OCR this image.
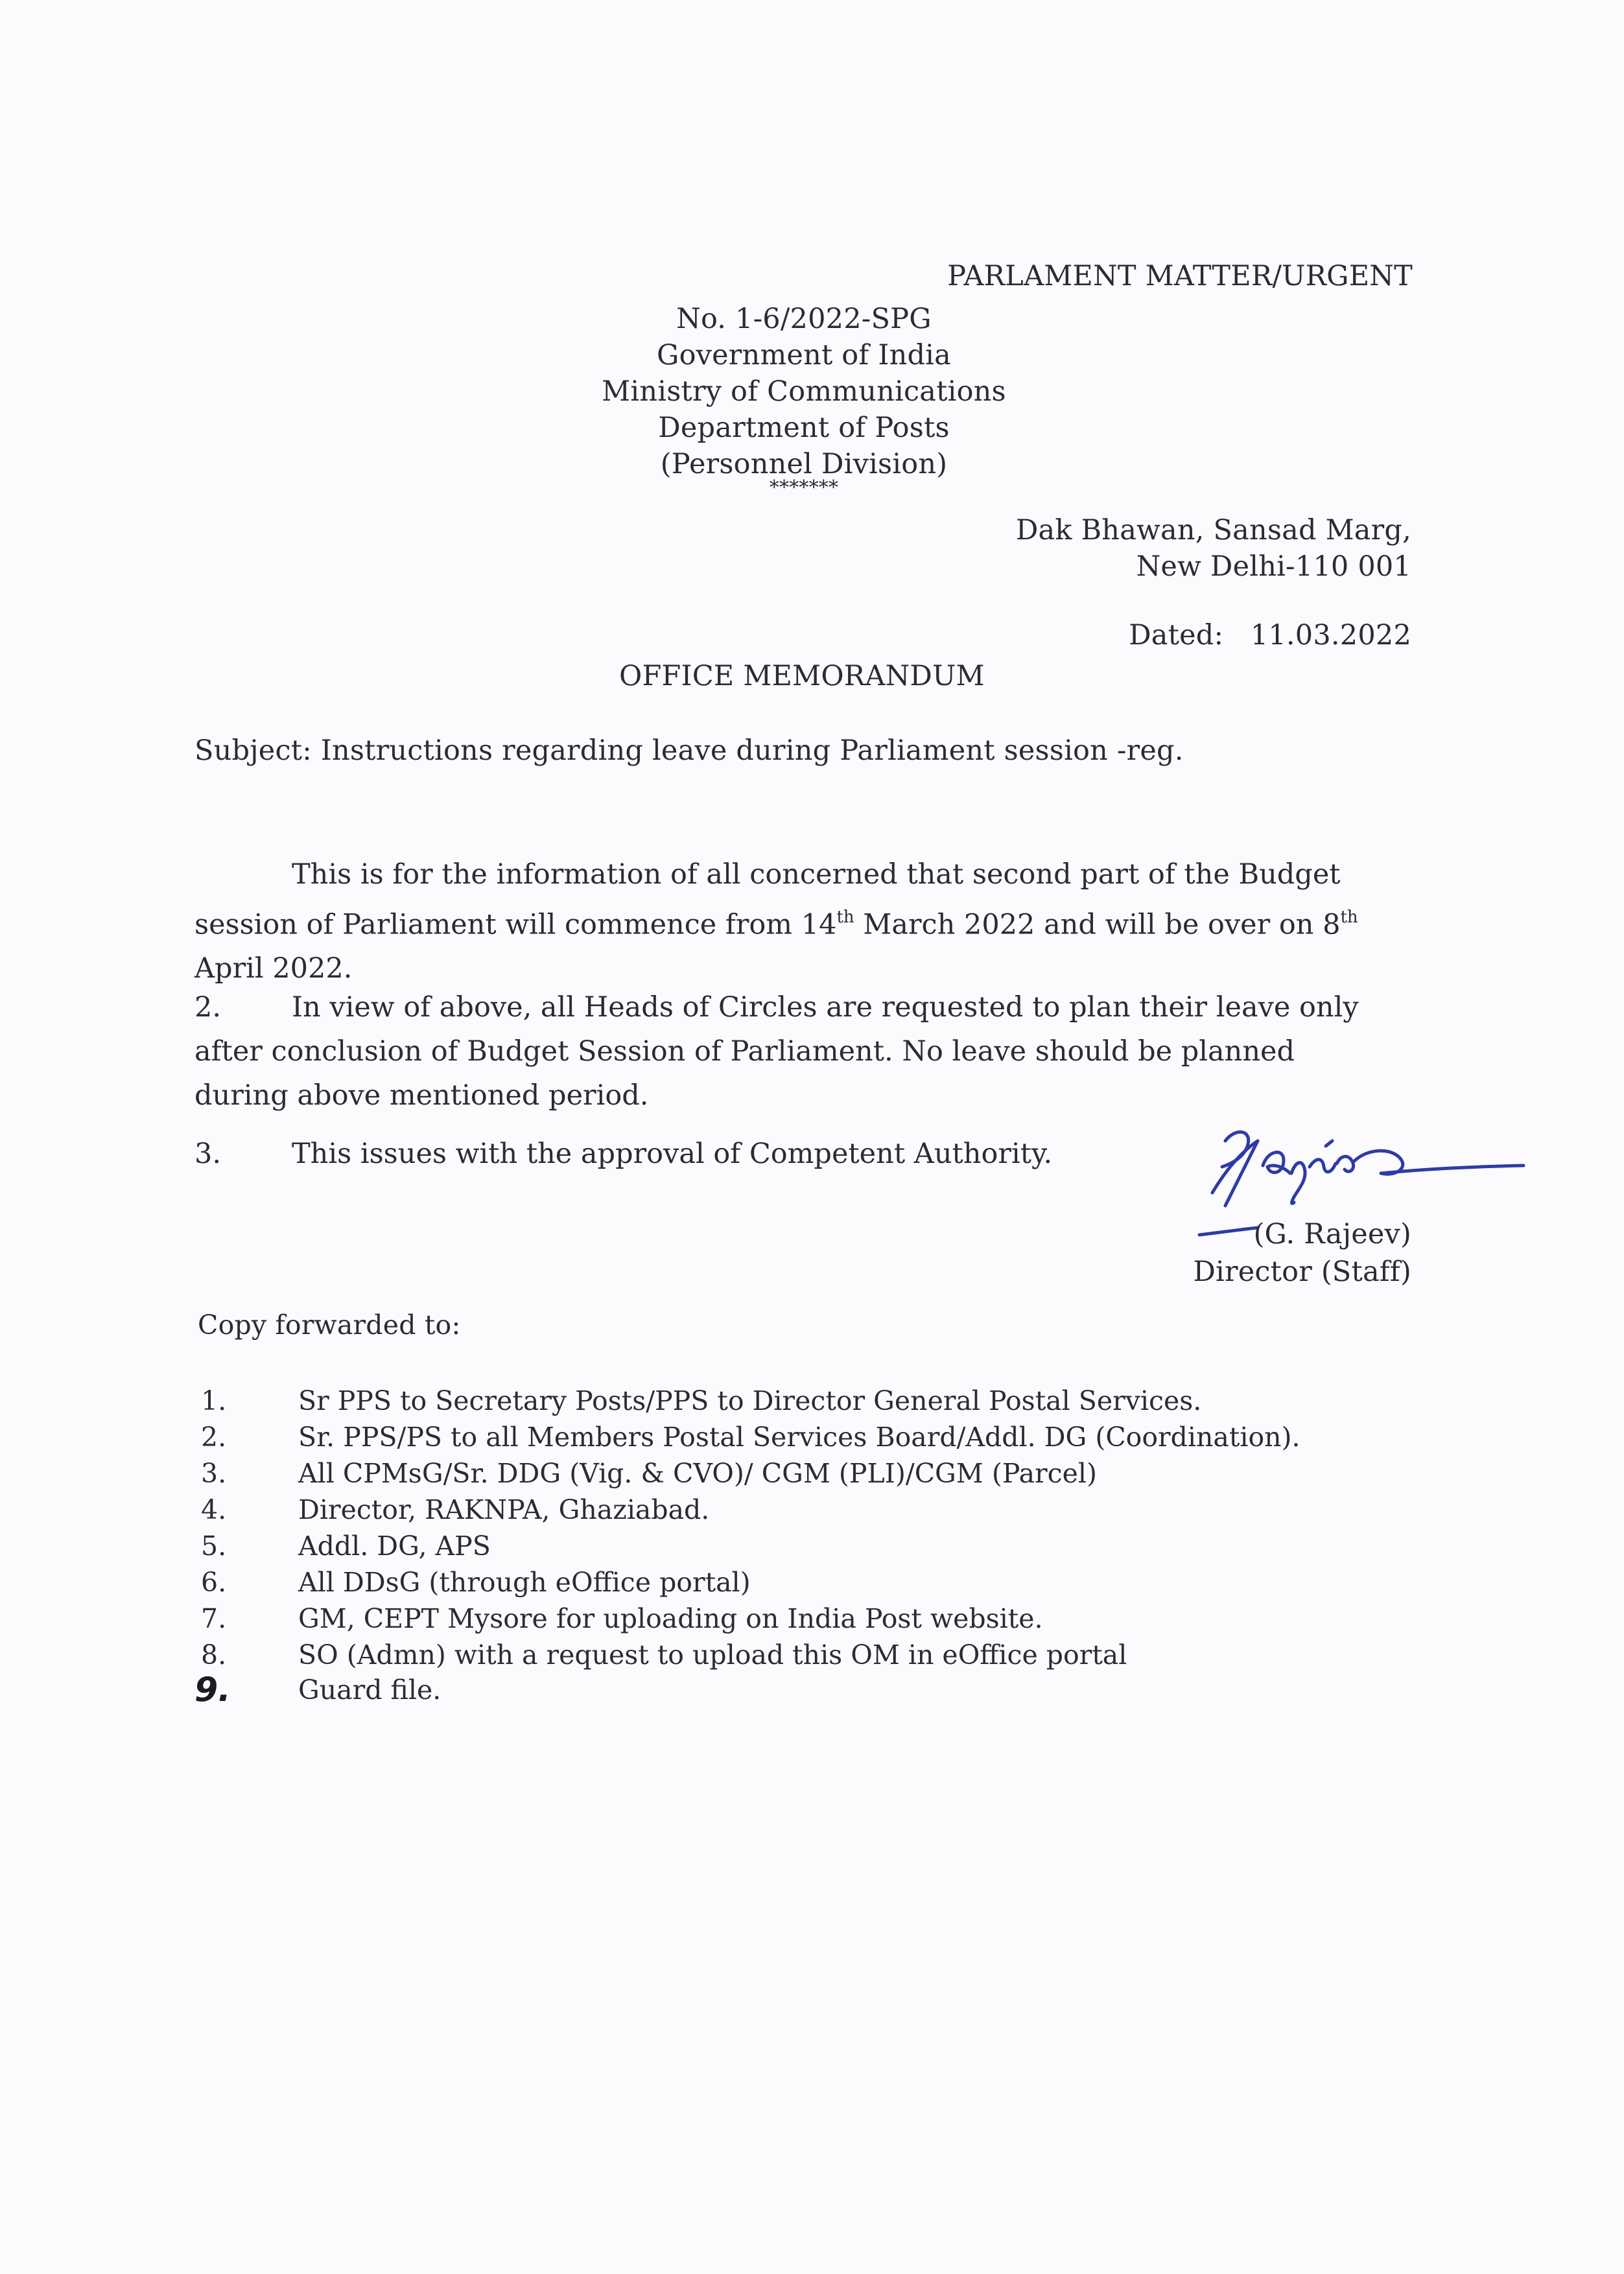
PARLAMENT MATTER/URGENT
No. 1-6/2022-SPG
Government of India
Ministry of Communications
Department of Posts
(Personnel Division)
*******
Dak Bhawan, Sansad Marg,
New Delhi-110 001
Dated: 11.03.2022
OFFICE MEMORANDUM
Subject: Instructions regarding leave during Parliament session -reg.
This is for the information of all concerned that second part of the Budget
session of Parliament will commence from 14th March 2022 and will be over on 8th
April 2022.
2.	In view of above, all Heads of Circles are requested to plan their leave only
after conclusion of Budget Session of Parliament. No leave should be planned
during above mentioned period.
3.	This issues with the approval of Competent Authority.
(G. Rajeev)
Director (Staff)
Copy forwarded to:
1.	Sr PPS to Secretary Posts/PPS to Director General Postal Services.
2.	Sr. PPS/PS to all Members Postal Services Board/Addl. DG (Coordination).
3.	All CPMsG/Sr. DDG (Vig. & CVO)/ CGM (PLI)/CGM (Parcel)
4.	Director, RAKNPA, Ghaziabad.
5.	Addl. DG, APS
6.	All DDsG (through eOffice portal)
7.	GM, CEPT Mysore for uploading on India Post website.
8.	SO (Admn) with a request to upload this OM in eOffice portal
9.	Guard file.
